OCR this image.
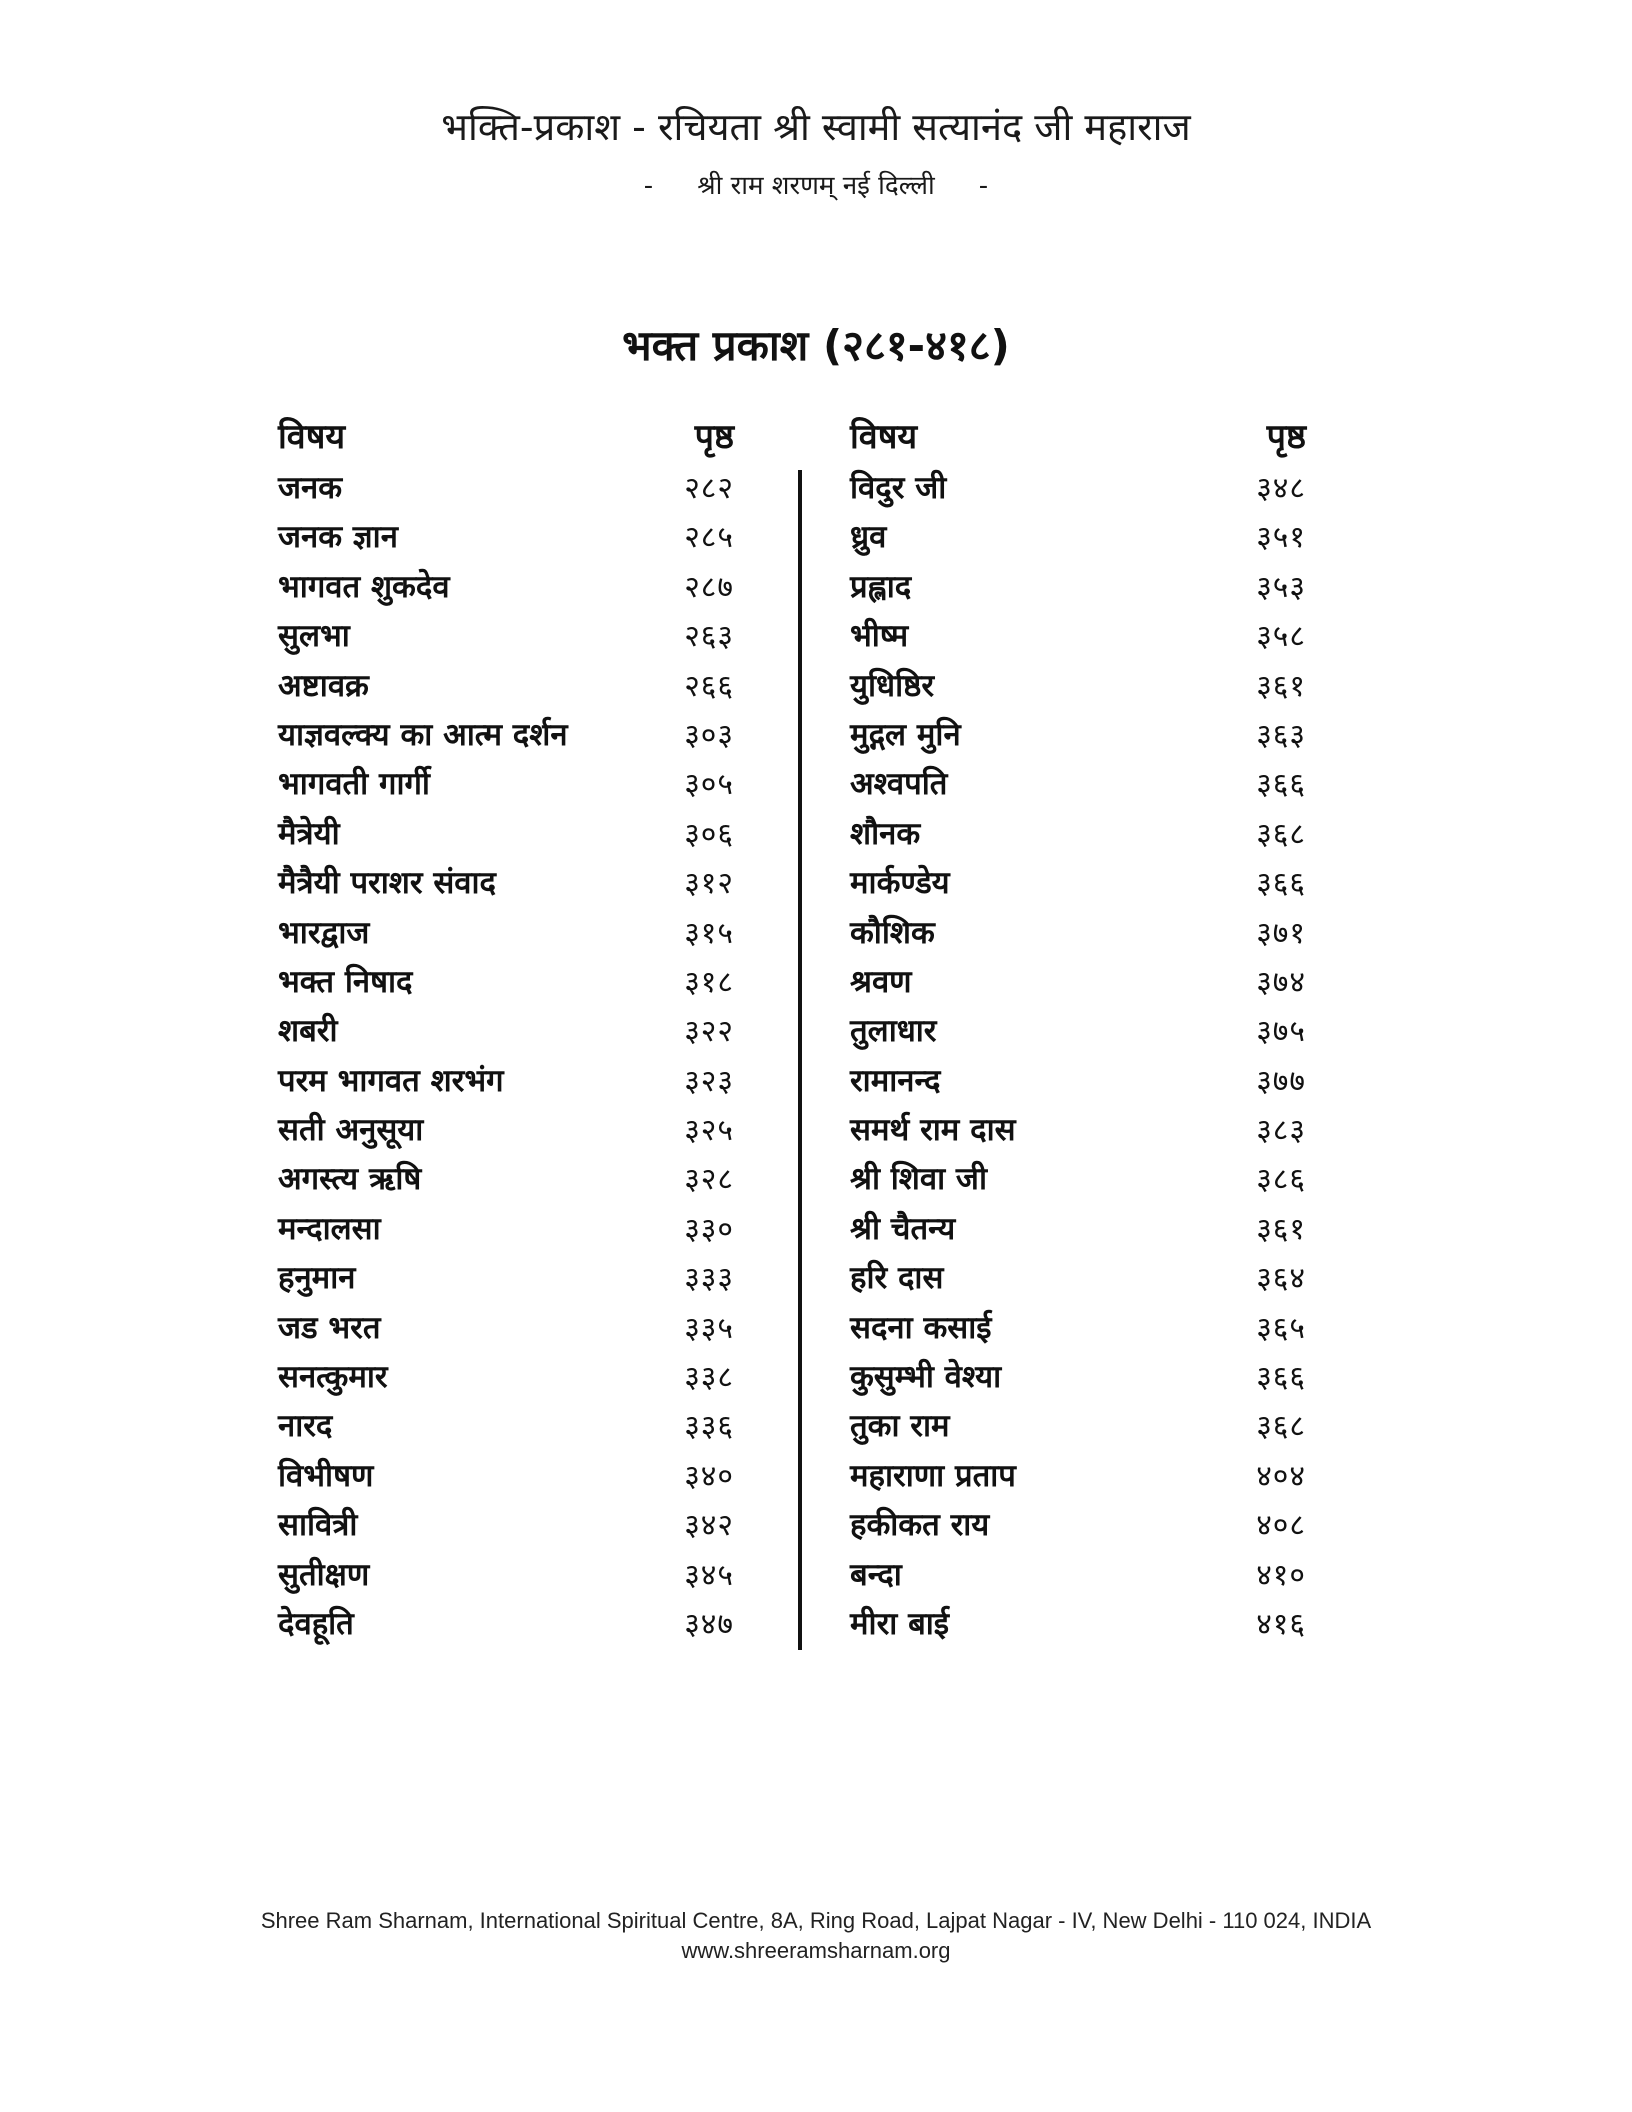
भक्ति-प्रकाश - रचियता श्री स्वामी सत्यानंद जी महाराज
- श्री राम शरणम् नई दिल्ली -
भक्त प्रकाश (२८१-४१८)
विषय	पृष्ठ
जनक	२८२
जनक ज्ञान	२८५
भागवत शुकदेव	२८७
सुलभा	२६३
अष्टावक्र	२६६
याज्ञवल्क्य का आत्म दर्शन	३०३
भागवती गार्गी	३०५
मैत्रेयी	३०६
मैत्रैयी पराशर संवाद	३१२
भारद्वाज	३१५
भक्त निषाद	३१८
शबरी	३२२
परम भागवत शरभंग	३२३
सती अनुसूया	३२५
अगस्त्य ऋषि	३२८
मन्दालसा	३३०
हनुमान	३३३
जड भरत	३३५
सनत्कुमार	३३८
नारद	३३६
विभीषण	३४०
सावित्री	३४२
सुतीक्षण	३४५
देवहूति	३४७
विषय	पृष्ठ
विदुर जी	३४८
ध्रुव	३५१
प्रह्लाद	३५३
भीष्म	३५८
युधिष्ठिर	३६१
मुद्गल मुनि	३६३
अश्वपति	३६६
शौनक	३६८
मार्कण्डेय	३६६
कौशिक	३७१
श्रवण	३७४
तुलाधार	३७५
रामानन्द	३७७
समर्थ राम दास	३८३
श्री शिवा जी	३८६
श्री चैतन्य	३६१
हरि दास	३६४
सदना कसाई	३६५
कुसुम्भी वेश्या	३६६
तुका राम	३६८
महाराणा प्रताप	४०४
हकीकत राय	४०८
बन्दा	४१०
मीरा बाई	४१६
Shree Ram Sharnam, International Spiritual Centre, 8A, Ring Road, Lajpat Nagar - IV, New Delhi - 110 024, INDIA
www.shreeramsharnam.org
